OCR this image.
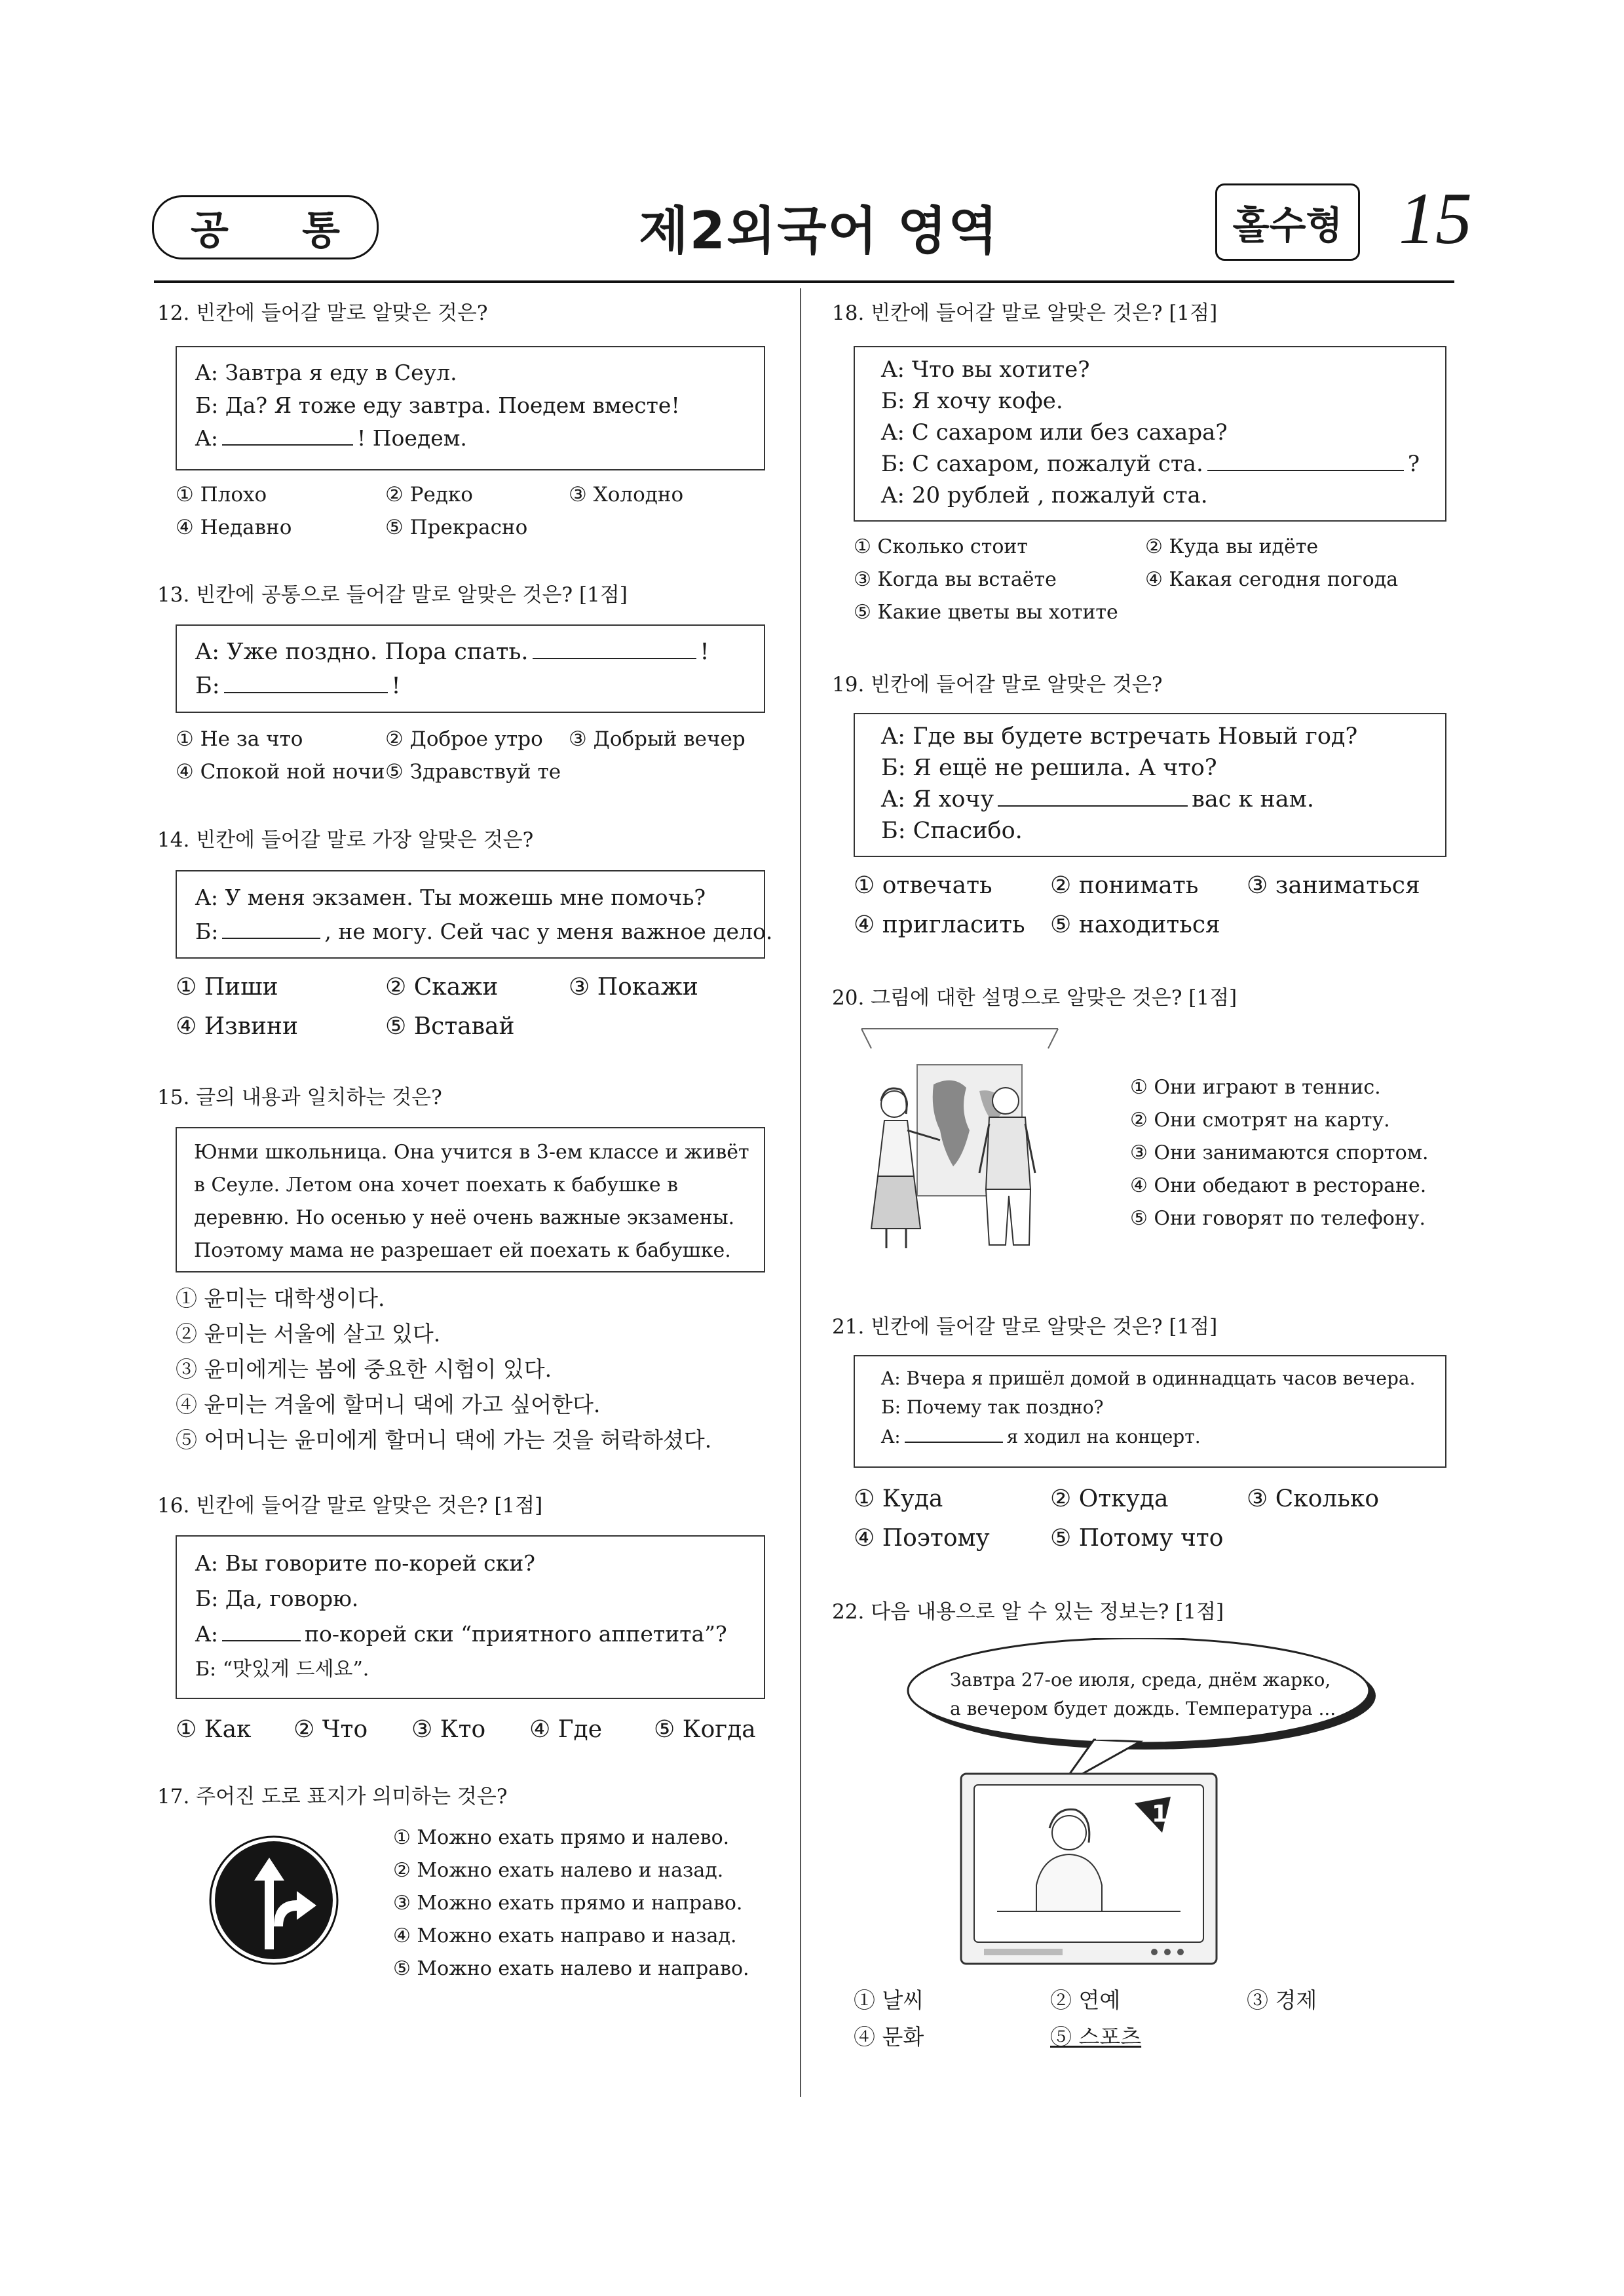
공 통	제2외국어 영역	홀수형 15
12. 빈칸에 들어갈 말로 알맞은 것은?
A: Завтра я еду в Сеул.
Б: Да? Я тоже еду завтра. Поедем вместе!
A:	! Поедем.
① Плохо	② Редко	③ Холодно
④ Недавно	⑤ Прекрасно
13. 빈칸에 공통으로 들어갈 말로 알맞은 것은? [1점]
A: Уже поздно. Пора спать.	!
Б:	!
① Не за что	② Доброе утро ③ Добрый вечер
④ Спокой ной ночи ⑤ Здравствуй те
14. 빈칸에 들어갈 말로 가장 알맞은 것은?
A: У меня экзамен. Ты можешь мне помочь?
Б:	, не могу. Сей час у меня важное дело.
① Пиши	② Скажи	③ Покажи
④ Извини	⑤ Вставай
15. 글의 내용과 일치하는 것은?
Юнми школьница. Она учится в 3-ем классе и живёт
в Сеуле. Летом она хочет поехать к бабушке в
деревню. Но осенью у неё очень важные экзамены.
Поэтому мама не разрешает ей поехать к бабушке.
① 윤미는 대학생이다.
② 윤미는 서울에 살고 있다.
③ 윤미에게는 봄에 중요한 시험이 있다.
④ 윤미는 겨울에 할머니 댁에 가고 싶어한다.
⑤ 어머니는 윤미에게 할머니 댁에 가는 것을 허락하셨다.
16. 빈칸에 들어갈 말로 알맞은 것은? [1점]
A: Вы говорите по-корей ски?
Б: Да, говорю.
A:	по-корей ски “приятного аппетита”?
Б: “맛있게 드세요”.
① Как ② Что ③ Кто ④ Где ⑤ Когда
17. 주어진 도로 표지가 의미하는 것은?
① Можно ехать прямо и налево.
② Можно ехать налево и назад.
③ Можно ехать прямо и направо.
④ Можно ехать направо и назад.
⑤ Можно ехать налево и направо.
18. 빈칸에 들어갈 말로 알맞은 것은? [1점]
A: Что вы хотите?
Б: Я хочу кофе.
A: С сахаром или без сахара?
Б: С сахаром, пожалуй ста.	?
A: 20 рублей , пожалуй ста.
① Сколько стоит	② Куда вы идёте
③ Когда вы встаёте	④ Какая сегодня погода
⑤ Какие цветы вы хотите
19. 빈칸에 들어갈 말로 알맞은 것은?
A: Где вы будете встречать Новый год?
Б: Я ещё не решила. А что?
A: Я хочу	вас к нам.
Б: Спасибо.
① отвечать ② понимать ③ заниматься
④ пригласить ⑤ находиться
20. 그림에 대한 설명으로 알맞은 것은? [1점]
① Они играют в теннис.
② Они смотрят на карту.
③ Они занимаются спортом.
④ Они обедают в ресторане.
⑤ Они говорят по телефону.
21. 빈칸에 들어갈 말로 알맞은 것은? [1점]
A: Вчера я пришёл домой в одиннадцать часов вечера.
Б: Почему так поздно?
A:	я ходил на концерт.
① Куда	② Откуда	③ Сколько
④ Поэтому	⑤ Потому что
22. 다음 내용으로 알 수 있는 정보는? [1점]
Завтра 27-ое июля, среда, днём жарко,
а вечером будет дождь. Температура ...
1
① 날씨	② 연예	③ 경제
④ 문화	⑤ 스포츠
